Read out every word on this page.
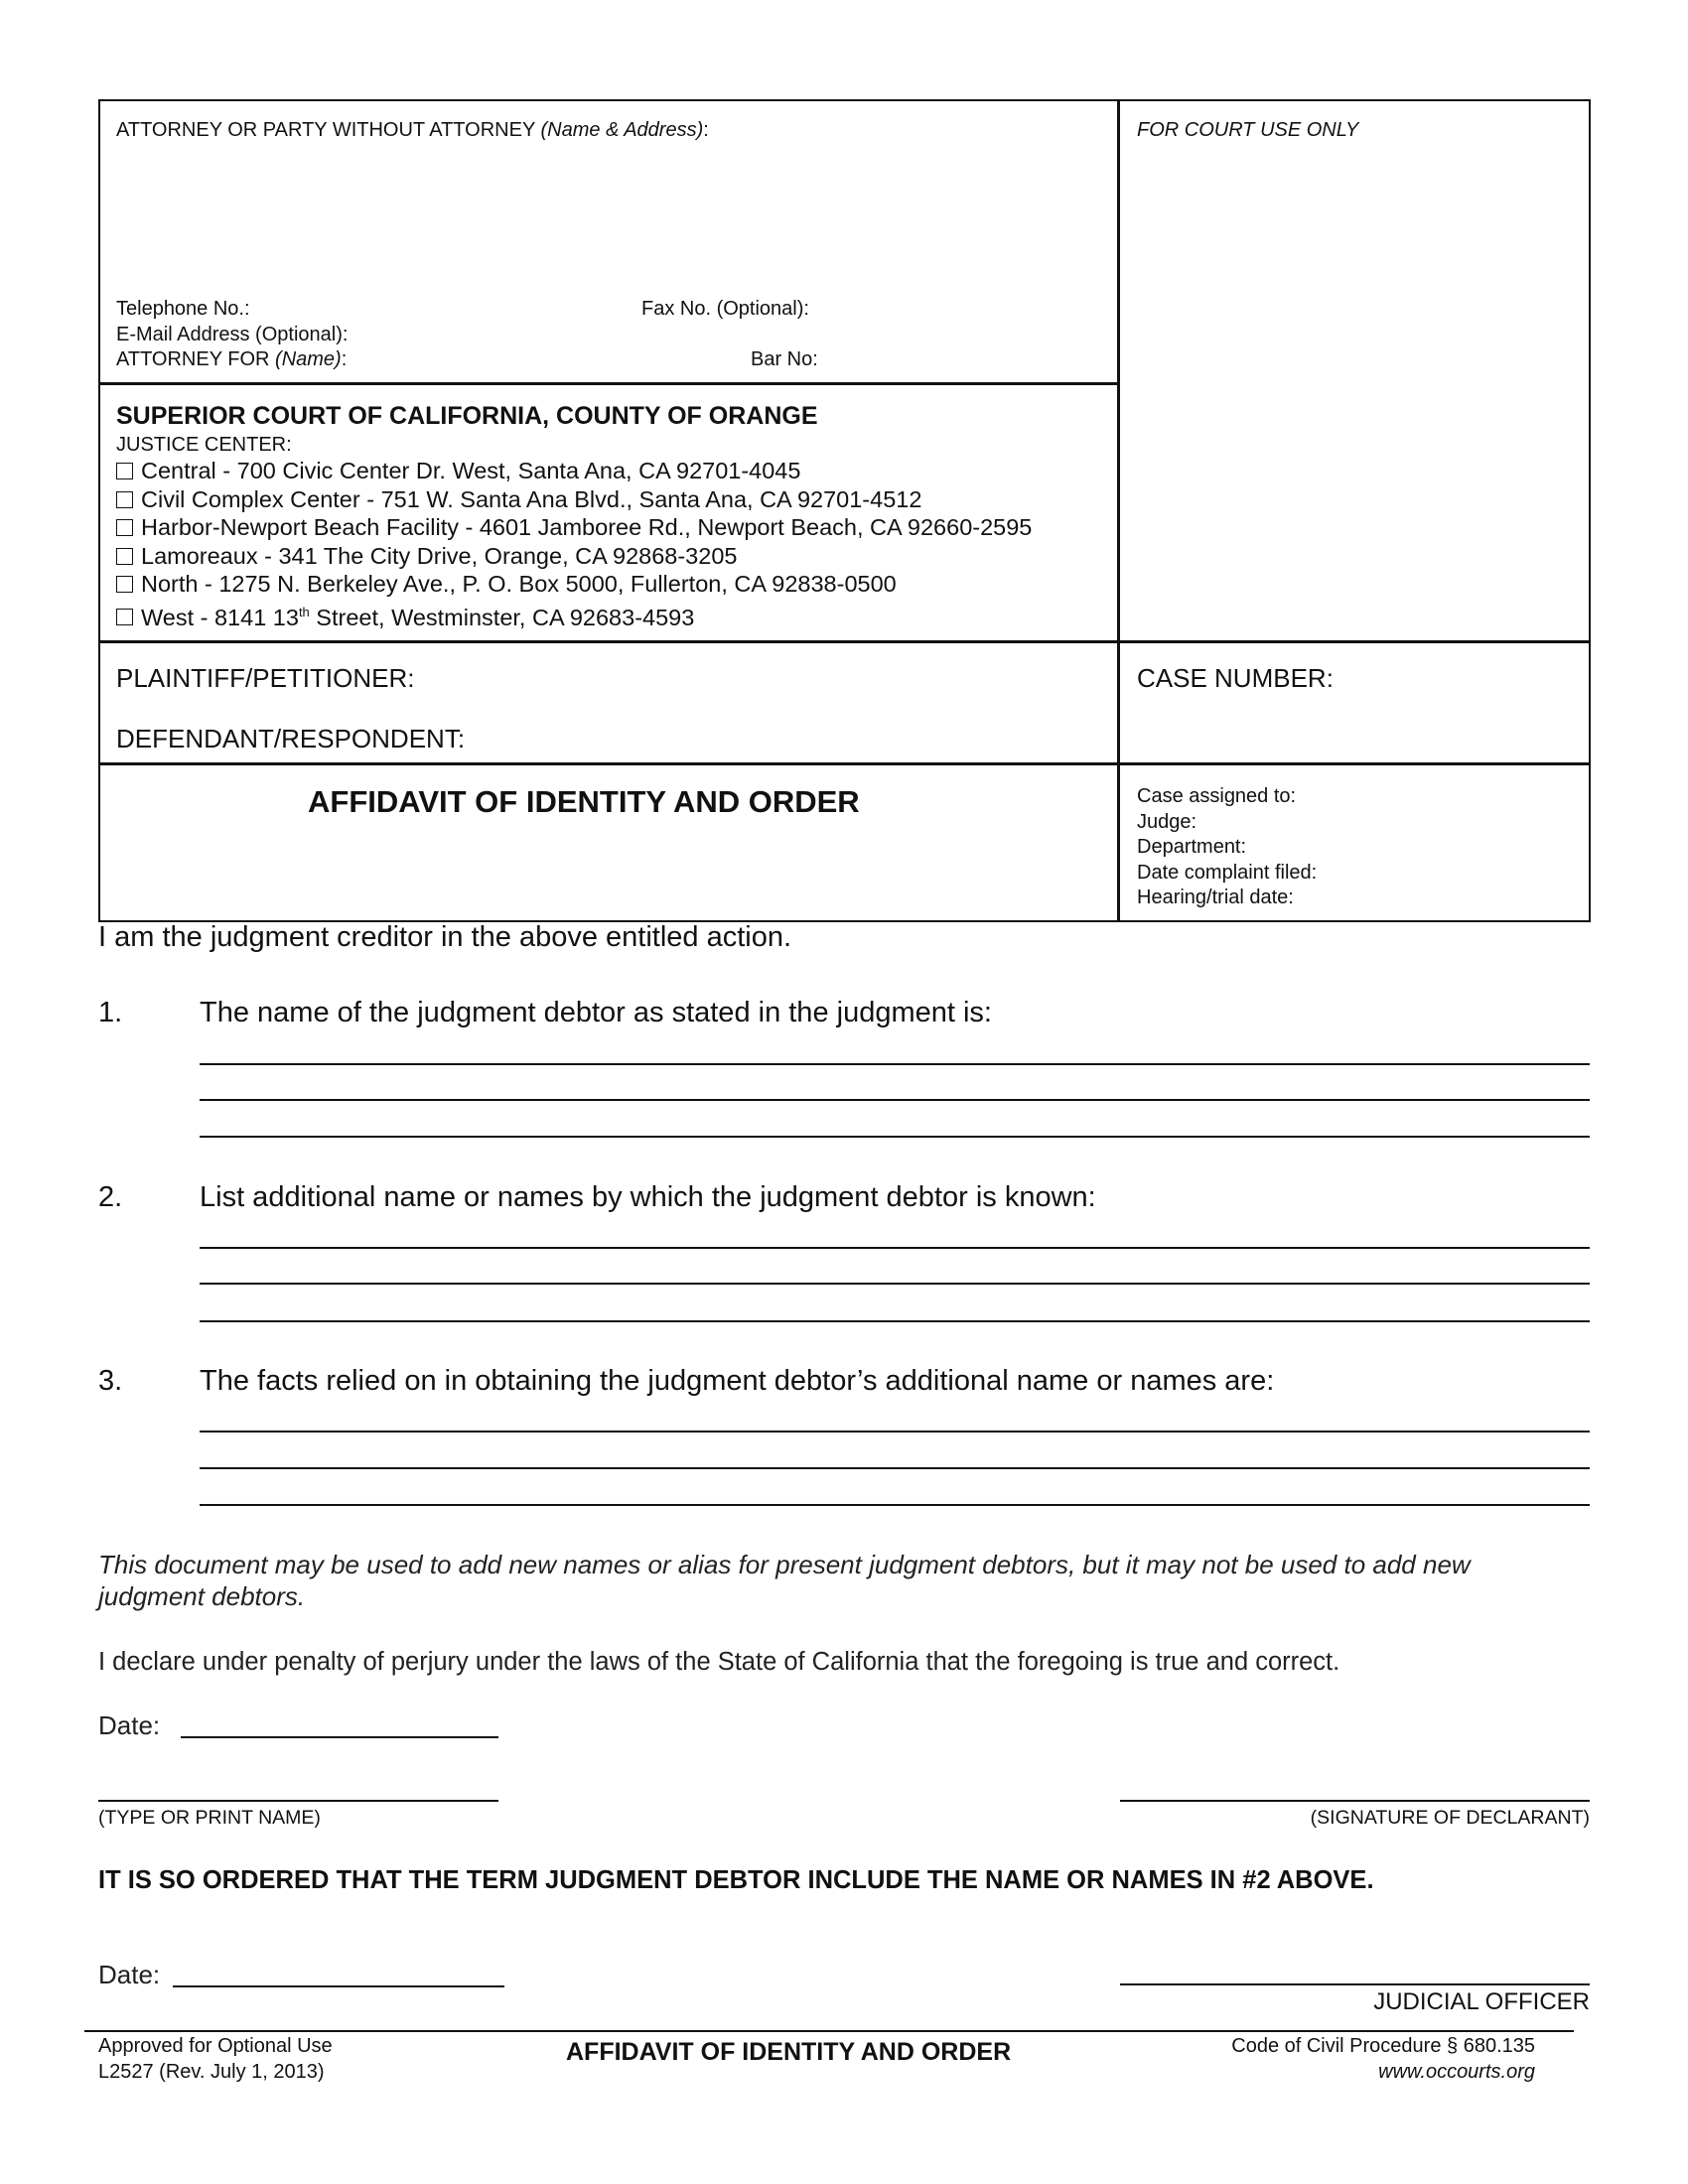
ATTORNEY OR PARTY WITHOUT ATTORNEY (Name & Address):	FOR COURT USE ONLY
Telephone No.:	Fax No. (Optional):
E-Mail Address (Optional):
ATTORNEY FOR (Name):	Bar No:
SUPERIOR COURT OF CALIFORNIA, COUNTY OF ORANGE
JUSTICE CENTER:
Central - 700 Civic Center Dr. West, Santa Ana, CA 92701-4045
Civil Complex Center - 751 W. Santa Ana Blvd., Santa Ana, CA 92701-4512
Harbor-Newport Beach Facility - 4601 Jamboree Rd., Newport Beach, CA 92660-2595
Lamoreaux - 341 The City Drive, Orange, CA 92868-3205
North - 1275 N. Berkeley Ave., P. O. Box 5000, Fullerton, CA 92838-0500
West - 8141 13th Street, Westminster, CA 92683-4593
PLAINTIFF/PETITIONER:
DEFENDANT/RESPONDENT:
CASE NUMBER:
AFFIDAVIT OF IDENTITY AND ORDER	Case assigned to:
Judge:
Department:
Date complaint filed:
Hearing/trial date:
I am the judgment creditor in the above entitled action.
1.	The name of the judgment debtor as stated in the judgment is:
2.	List additional name or names by which the judgment debtor is known:
3.	The facts relied on in obtaining the judgment debtor’s additional name or names are:
This document may be used to add new names or alias for present judgment debtors, but it may not be used to add new
judgment debtors.
I declare under penalty of perjury under the laws of the State of California that the foregoing is true and correct.
Date:
(TYPE OR PRINT NAME)	(SIGNATURE OF DECLARANT)
IT IS SO ORDERED THAT THE TERM JUDGMENT DEBTOR INCLUDE THE NAME OR NAMES IN #2 ABOVE.
Date:
JUDICIAL OFFICER
Approved for Optional Use
L2527 (Rev. July 1, 2013)
AFFIDAVIT OF IDENTITY AND ORDER	Code of Civil Procedure § 680.135
www.occourts.org
